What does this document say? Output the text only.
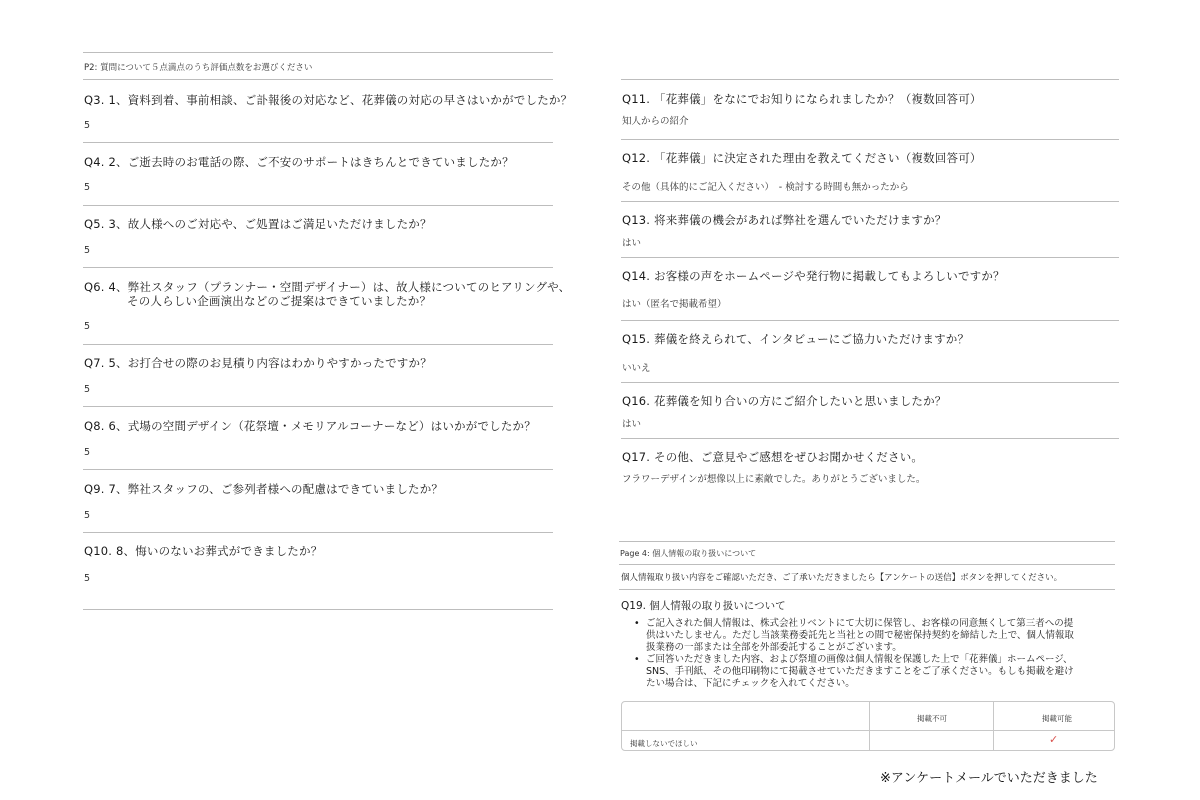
P2: 質問について５点満点のうち評価点数をお選びください
Q3. 1、資料到着、事前相談、ご訃報後の対応など、花葬儀の対応の早さはいかがでしたか？
5
Q4. 2、ご逝去時のお電話の際、ご不安のサポートはきちんとできていましたか？
5
Q5. 3、故人様へのご対応や、ご処置はご満足いただけましたか？
5
Q6. 4、弊社スタッフ（プランナー・空間デザイナー）は、故人様についてのヒアリングや、
その人らしい企画演出などのご提案はできていましたか？
5
Q7. 5、お打合せの際のお見積り内容はわかりやすかったですか？
5
Q8. 6、式場の空間デザイン（花祭壇・メモリアルコーナーなど）はいかがでしたか？
5
Q9. 7、弊社スタッフの、ご参列者様への配慮はできていましたか？
5
Q10. 8、悔いのないお葬式ができましたか？
5
Q11. 「花葬儀」をなにでお知りになられましたか？（複数回答可）
知人からの紹介
Q12. 「花葬儀」に決定された理由を教えてください（複数回答可）
その他（具体的にご記入ください）　- 検討する時間も無かったから
Q13. 将来葬儀の機会があれば弊社を選んでいただけますか？
はい
Q14. お客様の声をホームページや発行物に掲載してもよろしいですか？
はい（匿名で掲載希望）
Q15. 葬儀を終えられて、インタビューにご協力いただけますか？
いいえ
Q16. 花葬儀を知り合いの方にご紹介したいと思いましたか？
はい
Q17. その他、ご意見やご感想をぜひお聞かせください。
フラワーデザインが想像以上に素敵でした。ありがとうございました。
Page 4: 個人情報の取り扱いについて
個人情報取り扱い内容をご確認いただき、ご了承いただきましたら【アンケートの送信】ボタンを押してください。
Q19. 個人情報の取り扱いについて
• ご記入された個人情報は、株式会社リベントにて大切に保管し、お客様の同意無くして第三者への提
供はいたしません。ただし当該業務委託先と当社との間で秘密保持契約を締結した上で、個人情報取
扱業務の一部または全部を外部委託することがございます。
• ご回答いただきました内容、および祭壇の画像は個人情報を保護した上で「花葬儀」ホームページ、
SNS、手刊紙、その他印刷物にて掲載させていただきますことをご了承ください。もしも掲載を避け
たい場合は、下記にチェックを入れてください。
掲載不可	掲載可能
掲載しないでほしい	✓
※アンケートメールでいただきました
